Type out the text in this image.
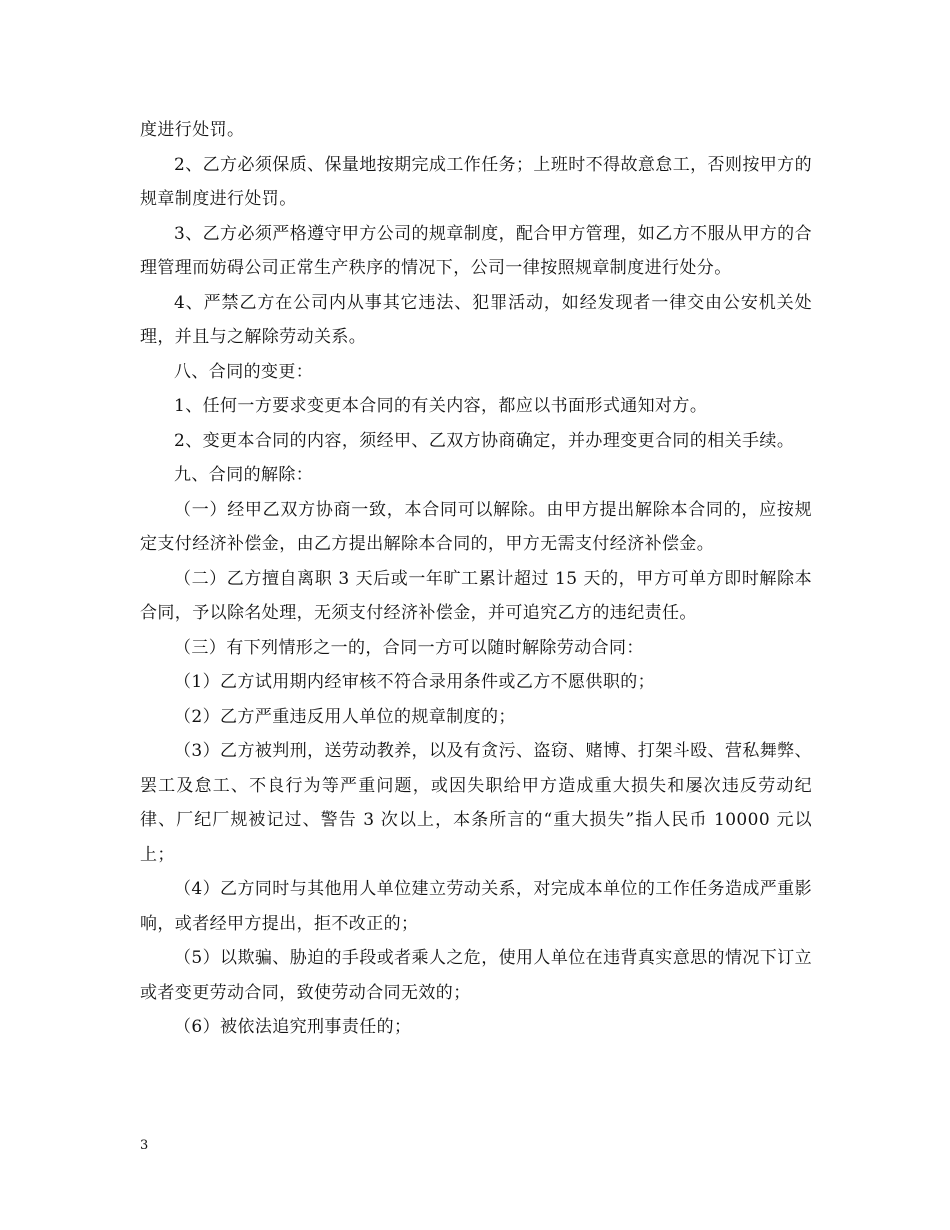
度进行处罚。

2、乙方必须保质、保量地按期完成工作任务；上班时不得故意怠工，否则按甲方的规章制度进行处罚。

3、乙方必须严格遵守甲方公司的规章制度，配合甲方管理，如乙方不服从甲方的合理管理而妨碍公司正常生产秩序的情况下，公司一律按照规章制度进行处分。

4、严禁乙方在公司内从事其它违法、犯罪活动，如经发现者一律交由公安机关处理，并且与之解除劳动关系。

八、合同的变更：

1、任何一方要求变更本合同的有关内容，都应以书面形式通知对方。

2、变更本合同的内容，须经甲、乙双方协商确定，并办理变更合同的相关手续。

九、合同的解除：

（一）经甲乙双方协商一致，本合同可以解除。由甲方提出解除本合同的，应按规定支付经济补偿金，由乙方提出解除本合同的，甲方无需支付经济补偿金。

（二）乙方擅自离职 3 天后或一年旷工累计超过 15 天的，甲方可单方即时解除本合同，予以除名处理，无须支付经济补偿金，并可追究乙方的违纪责任。

（三）有下列情形之一的，合同一方可以随时解除劳动合同：

（1）乙方试用期内经审核不符合录用条件或乙方不愿供职的；

（2）乙方严重违反用人单位的规章制度的；

（3）乙方被判刑，送劳动教养，以及有贪污、盗窃、赌博、打架斗殴、营私舞弊、罢工及怠工、不良行为等严重问题，或因失职给甲方造成重大损失和屡次违反劳动纪律、厂纪厂规被记过、警告 3 次以上，本条所言的“重大损失”指人民币 10000 元以上；

（4）乙方同时与其他用人单位建立劳动关系，对完成本单位的工作任务造成严重影响，或者经甲方提出，拒不改正的；

（5）以欺骗、胁迫的手段或者乘人之危，使用人单位在违背真实意思的情况下订立或者变更劳动合同，致使劳动合同无效的；

（6）被依法追究刑事责任的；

3
